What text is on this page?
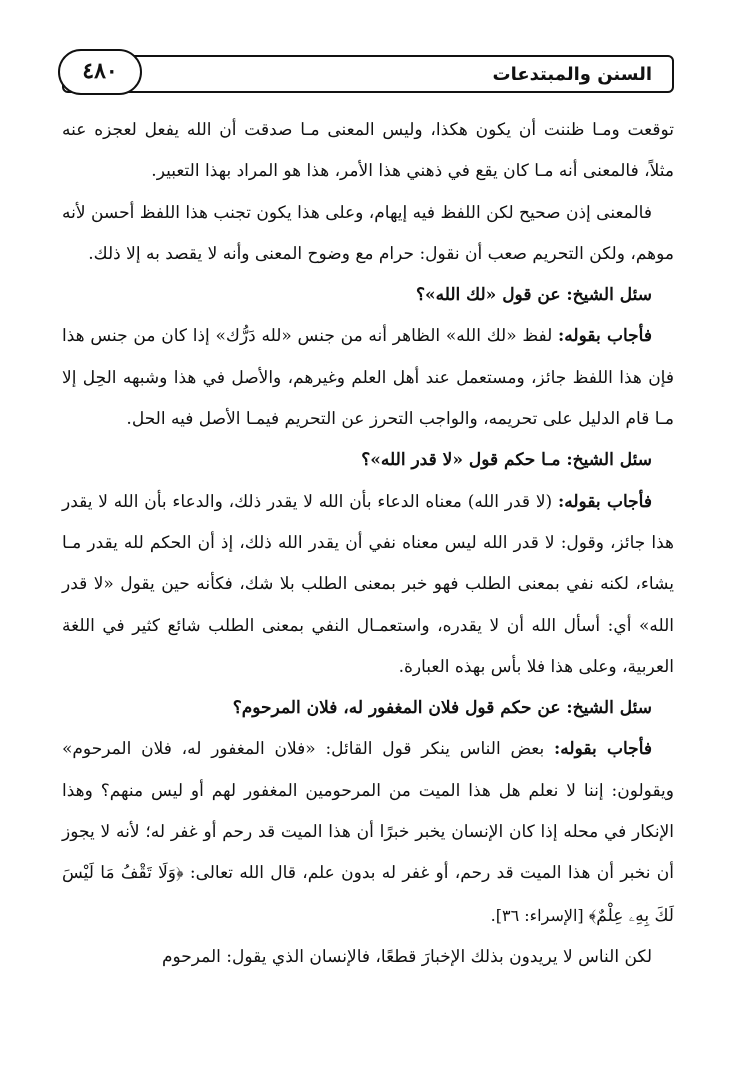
السنن والمبتدعات
٤٨٠

توقعت ومـا ظننت أن يكون هكذا، وليس المعنى مـا صدقت أن الله يفعل لعجزه عنه مثلاً، فالمعنى أنه مـا كان يقع في ذهني هذا الأمر، هذا هو المراد بهذا التعبير.

فالمعنى إذن صحيح لكن اللفظ فيه إيهام، وعلى هذا يكون تجنب هذا اللفظ أحسن لأنه موهم، ولكن التحريم صعب أن نقول: حرام مع وضوح المعنى وأنه لا يقصد به إلا ذلك.

سئل الشيخ: عن قول «لك الله»؟

فأجاب بقوله: لفظ «لك الله» الظاهر أنه من جنس «لله دَرُّك» إذا كان من جنس هذا فإن هذا اللفظ جائز، ومستعمل عند أهل العلم وغيرهم، والأصل في هذا وشبهه الحِل إلا مـا قام الدليل على تحريمه، والواجب التحرز عن التحريم فيمـا الأصل فيه الحل.

سئل الشيخ: مـا حكم قول «لا قدر الله»؟

فأجاب بقوله: (لا قدر الله) معناه الدعاء بأن الله لا يقدر ذلك، والدعاء بأن الله لا يقدر هذا جائز، وقول: لا قدر الله ليس معناه نفي أن يقدر الله ذلك، إذ أن الحكم لله يقدر مـا يشاء، لكنه نفي بمعنى الطلب فهو خبر بمعنى الطلب بلا شك، فكأنه حين يقول «لا قدر الله» أي: أسأل الله أن لا يقدره، واستعمـال النفي بمعنى الطلب شائع كثير في اللغة العربية، وعلى هذا فلا بأس بهذه العبارة.

سئل الشيخ: عن حكم قول فلان المغفور له، فلان المرحوم؟

فأجاب بقوله: بعض الناس ينكر قول القائل: «فلان المغفور له، فلان المرحوم» ويقولون: إننا لا نعلم هل هذا الميت من المرحومين المغفور لهم أو ليس منهم؟ وهذا الإنكار في محله إذا كان الإنسان يخبر خبرًا أن هذا الميت قد رحم أو غفر له؛ لأنه لا يجوز أن نخبر أن هذا الميت قد رحم، أو غفر له بدون علم، قال الله تعالى: ﴿وَلَا تَقْفُ مَا لَيْسَ لَكَ بِهِۦ عِلْمٌ﴾ [الإسراء: ٣٦].

لكن الناس لا يريدون بذلك الإخبارَ قطعًا، فالإنسان الذي يقول: المرحوم
